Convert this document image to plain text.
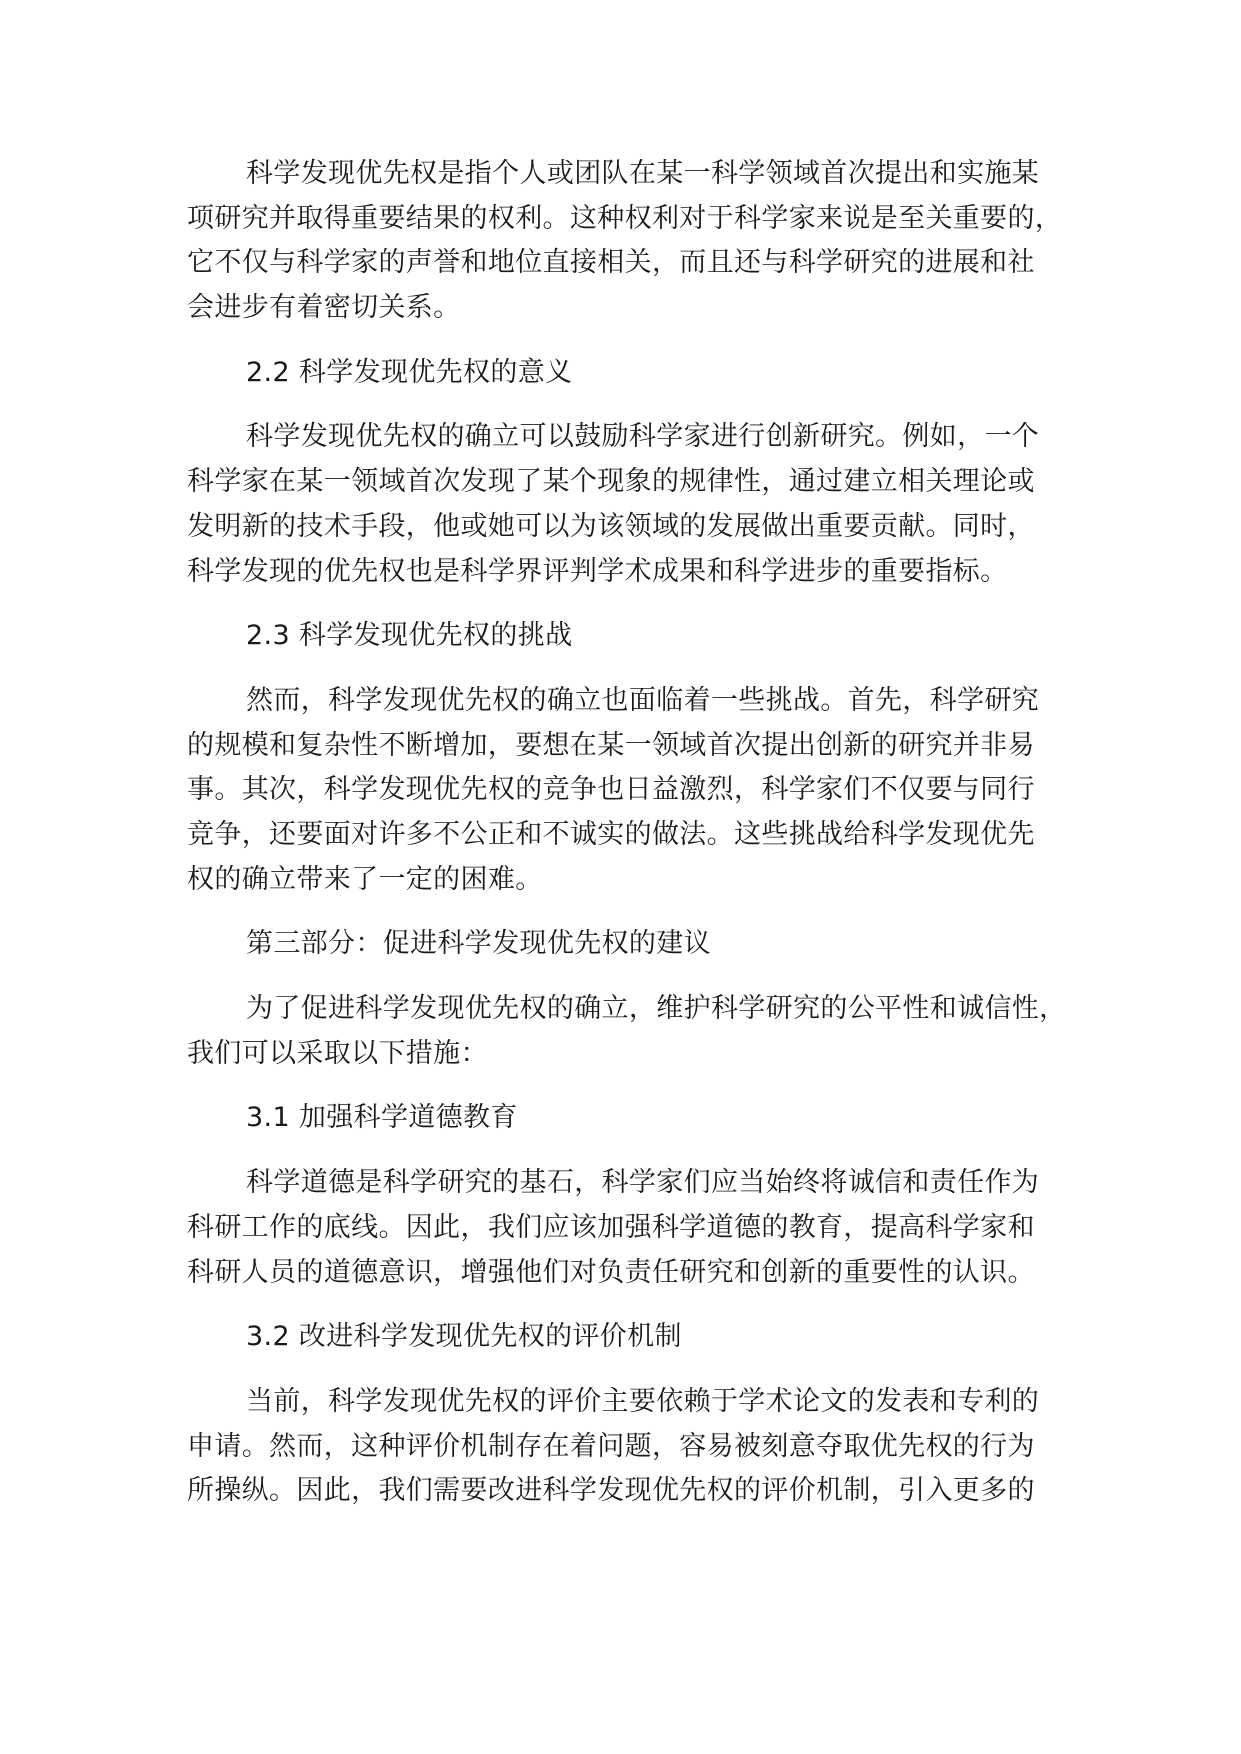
科学发现优先权是指个人或团队在某一科学领域首次提出和实施某
项研究并取得重要结果的权利。这种权利对于科学家来说是至关重要的，
它不仅与科学家的声誉和地位直接相关，而且还与科学研究的进展和社
会进步有着密切关系。
2.2 科学发现优先权的意义
科学发现优先权的确立可以鼓励科学家进行创新研究。例如，一个
科学家在某一领域首次发现了某个现象的规律性，通过建立相关理论或
发明新的技术手段，他或她可以为该领域的发展做出重要贡献。同时，
科学发现的优先权也是科学界评判学术成果和科学进步的重要指标。
2.3 科学发现优先权的挑战
然而，科学发现优先权的确立也面临着一些挑战。首先，科学研究
的规模和复杂性不断增加，要想在某一领域首次提出创新的研究并非易
事。其次，科学发现优先权的竞争也日益激烈，科学家们不仅要与同行
竞争，还要面对许多不公正和不诚实的做法。这些挑战给科学发现优先
权的确立带来了一定的困难。
第三部分：促进科学发现优先权的建议
为了促进科学发现优先权的确立，维护科学研究的公平性和诚信性，
我们可以采取以下措施：
3.1 加强科学道德教育
科学道德是科学研究的基石，科学家们应当始终将诚信和责任作为
科研工作的底线。因此，我们应该加强科学道德的教育，提高科学家和
科研人员的道德意识，增强他们对负责任研究和创新的重要性的认识。
3.2 改进科学发现优先权的评价机制
当前，科学发现优先权的评价主要依赖于学术论文的发表和专利的
申请。然而，这种评价机制存在着问题，容易被刻意夺取优先权的行为
所操纵。因此，我们需要改进科学发现优先权的评价机制，引入更多的
